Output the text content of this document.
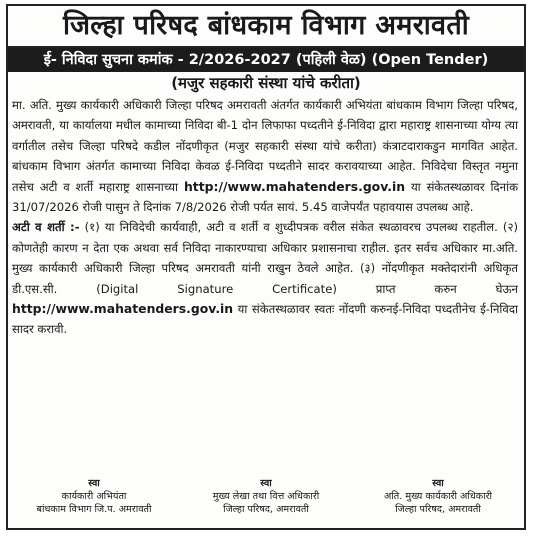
जिल्हा परिषद बांधकाम विभाग अमरावती
ई- निविदा सुचना कमांक - 2/2026-2027 (पहिली वेळ) (Open Tender)
(मजुर सहकारी संस्था यांचे करीता)

मा. अति. मुख्य कार्यकारी अधिकारी जिल्हा परिषद अमरावती अंतर्गत कार्यकारी अभियंता बांधकाम विभाग जिल्हा परिषद, अमरावती, या कार्यालया मधील कामाच्या निविदा बी-1 दोन लिफाफा पध्दतीने ई-निविदा द्वारा महाराष्ट्र शासनाच्या योग्य त्या वर्गातील तसेच जिल्हा परिषदे कडील नोंदणीकृत (मजुर सहकारी संस्था यांचे करीता) कंत्राटदाराकडुन मागवित आहेत. बांधकाम विभाग अंतर्गत कामाच्या निविदा केवळ ई-निविदा पध्दतीने सादर करावयाच्या आहेत. निविदेचा विस्तृत नमुना तसेच अटी व शर्ती महाराष्ट्र शासनाच्या http://www.mahatenders.gov.in या संकेतस्थळावर दिनांक 31/07/2026 रोजी पासुन ते दिनांक 7/8/2026 रोजी पर्यत सायं. 5.45 वाजेपर्यंत पहावयास उपलब्ध आहे.

अटी व शर्ती :- (१) या निविदेची कार्यवाही, अटी व शर्ती व शुध्दीपत्रक वरील संकेत स्थळावरच उपलब्ध राहतील. (२) कोणतेही कारण न देता एक अथवा सर्व निविदा नाकारण्याचा अधिकार प्रशासनाचा राहील. इतर सर्वच अधिकार मा.अति. मुख्य कार्यकारी अधिकारी जिल्हा परिषद अमरावती यांनी राखुन ठेवले आहेत. (३) नोंदणीकृत मक्तेदारांनी अधिकृत डी.एस.सी. (Digital Signature Certificate) प्राप्त करुन घेऊन http://www.mahatenders.gov.in या संकेतस्थळावर स्वतः नोंदणी करुनई-निविदा पध्दतीनेच ई-निविदा सादर करावी.

स्वा
कार्यकारी अभियंता
बांधकाम विभाग जि.प. अमरावती
स्वा
मुख्य लेखा तथा वित्त अधिकारी
जिल्हा परिषद, अमरावती
स्वा
अति. मुख्य कार्यकारी अधिकारी
जिल्हा परिषद, अमरावती
